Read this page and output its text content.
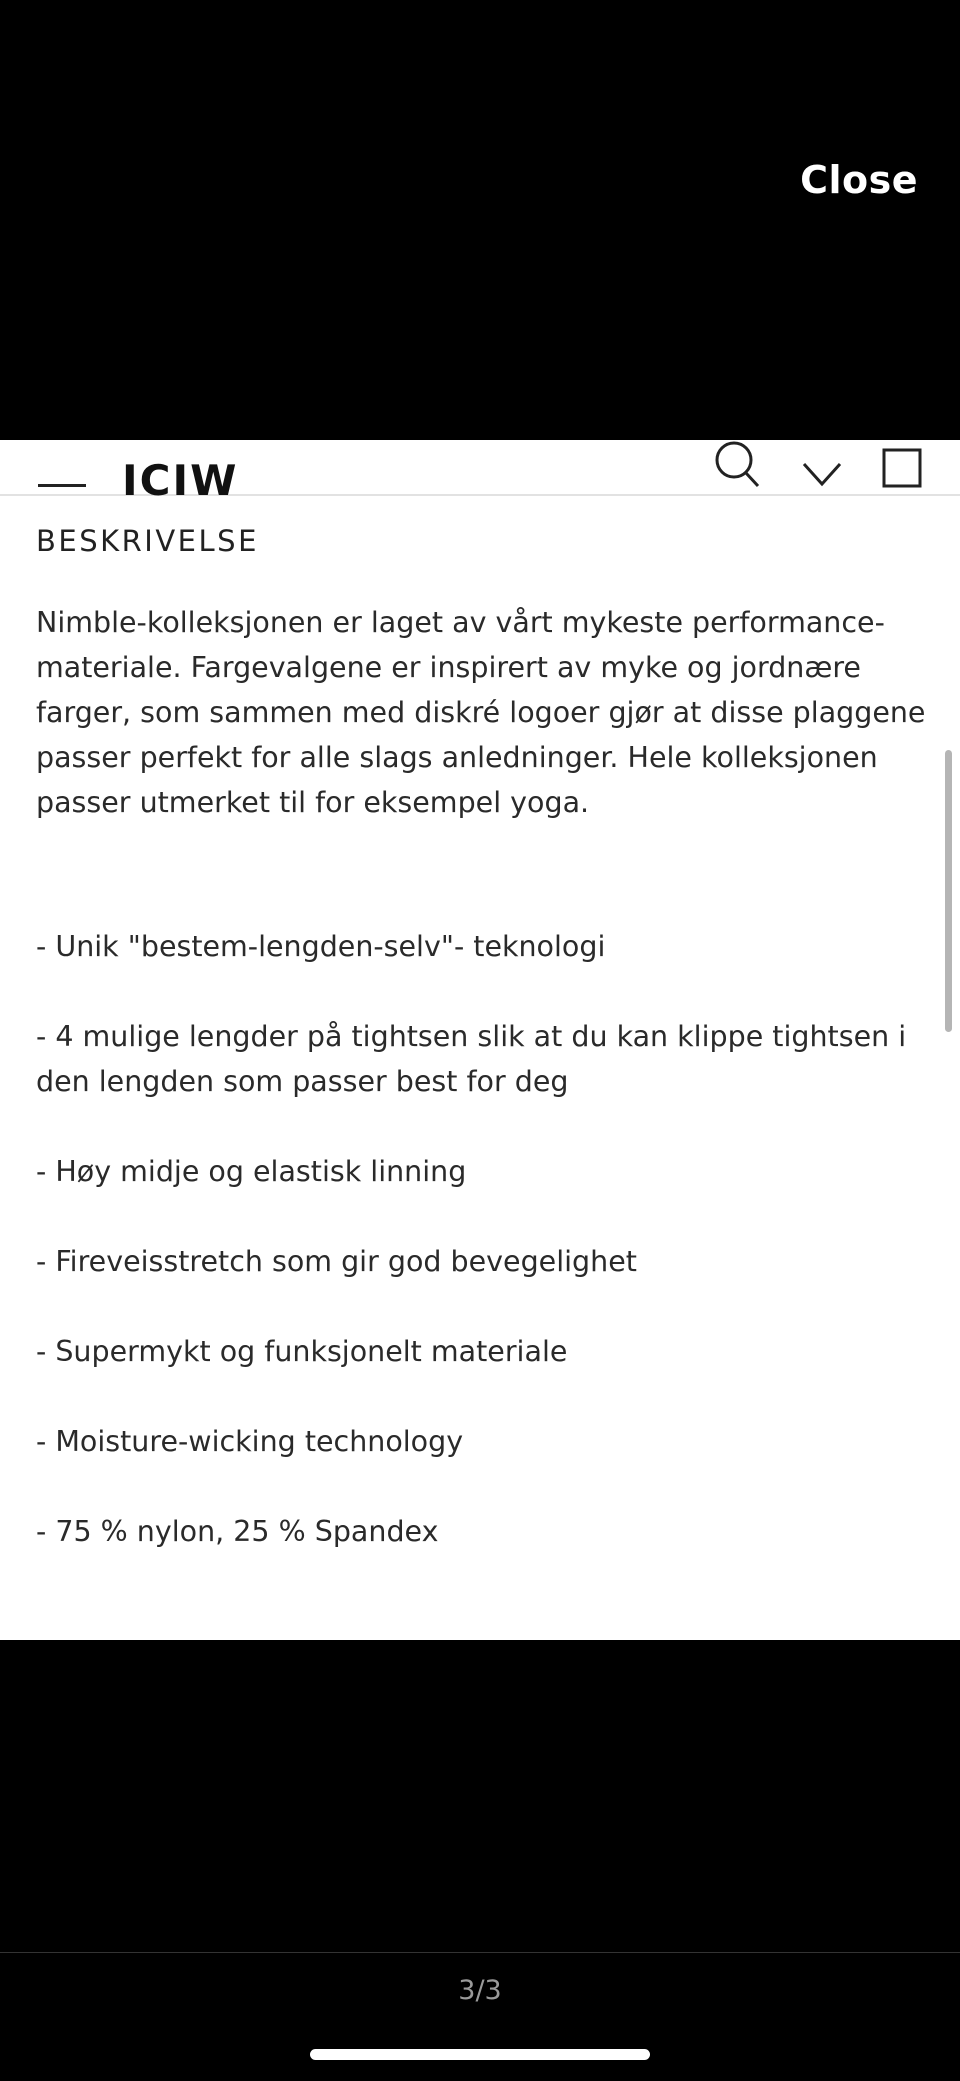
Close
ICIW
BESKRIVELSE

Nimble-kolleksjonen er laget av vårt mykeste performance-materiale. Fargevalgene er inspirert av myke og jordnære farger, som sammen med diskré logoer gjør at disse plaggene passer perfekt for alle slags anledninger. Hele kolleksjonen passer utmerket til for eksempel yoga.

- Unik "bestem-lengden-selv"- teknologi
- 4 mulige lengder på tightsen slik at du kan klippe tightsen i den lengden som passer best for deg
- Høy midje og elastisk linning
- Fireveisstretch som gir god bevegelighet
- Supermykt og funksjonelt materiale
- Moisture-wicking technology
- 75 % nylon, 25 % Spandex
3/3
